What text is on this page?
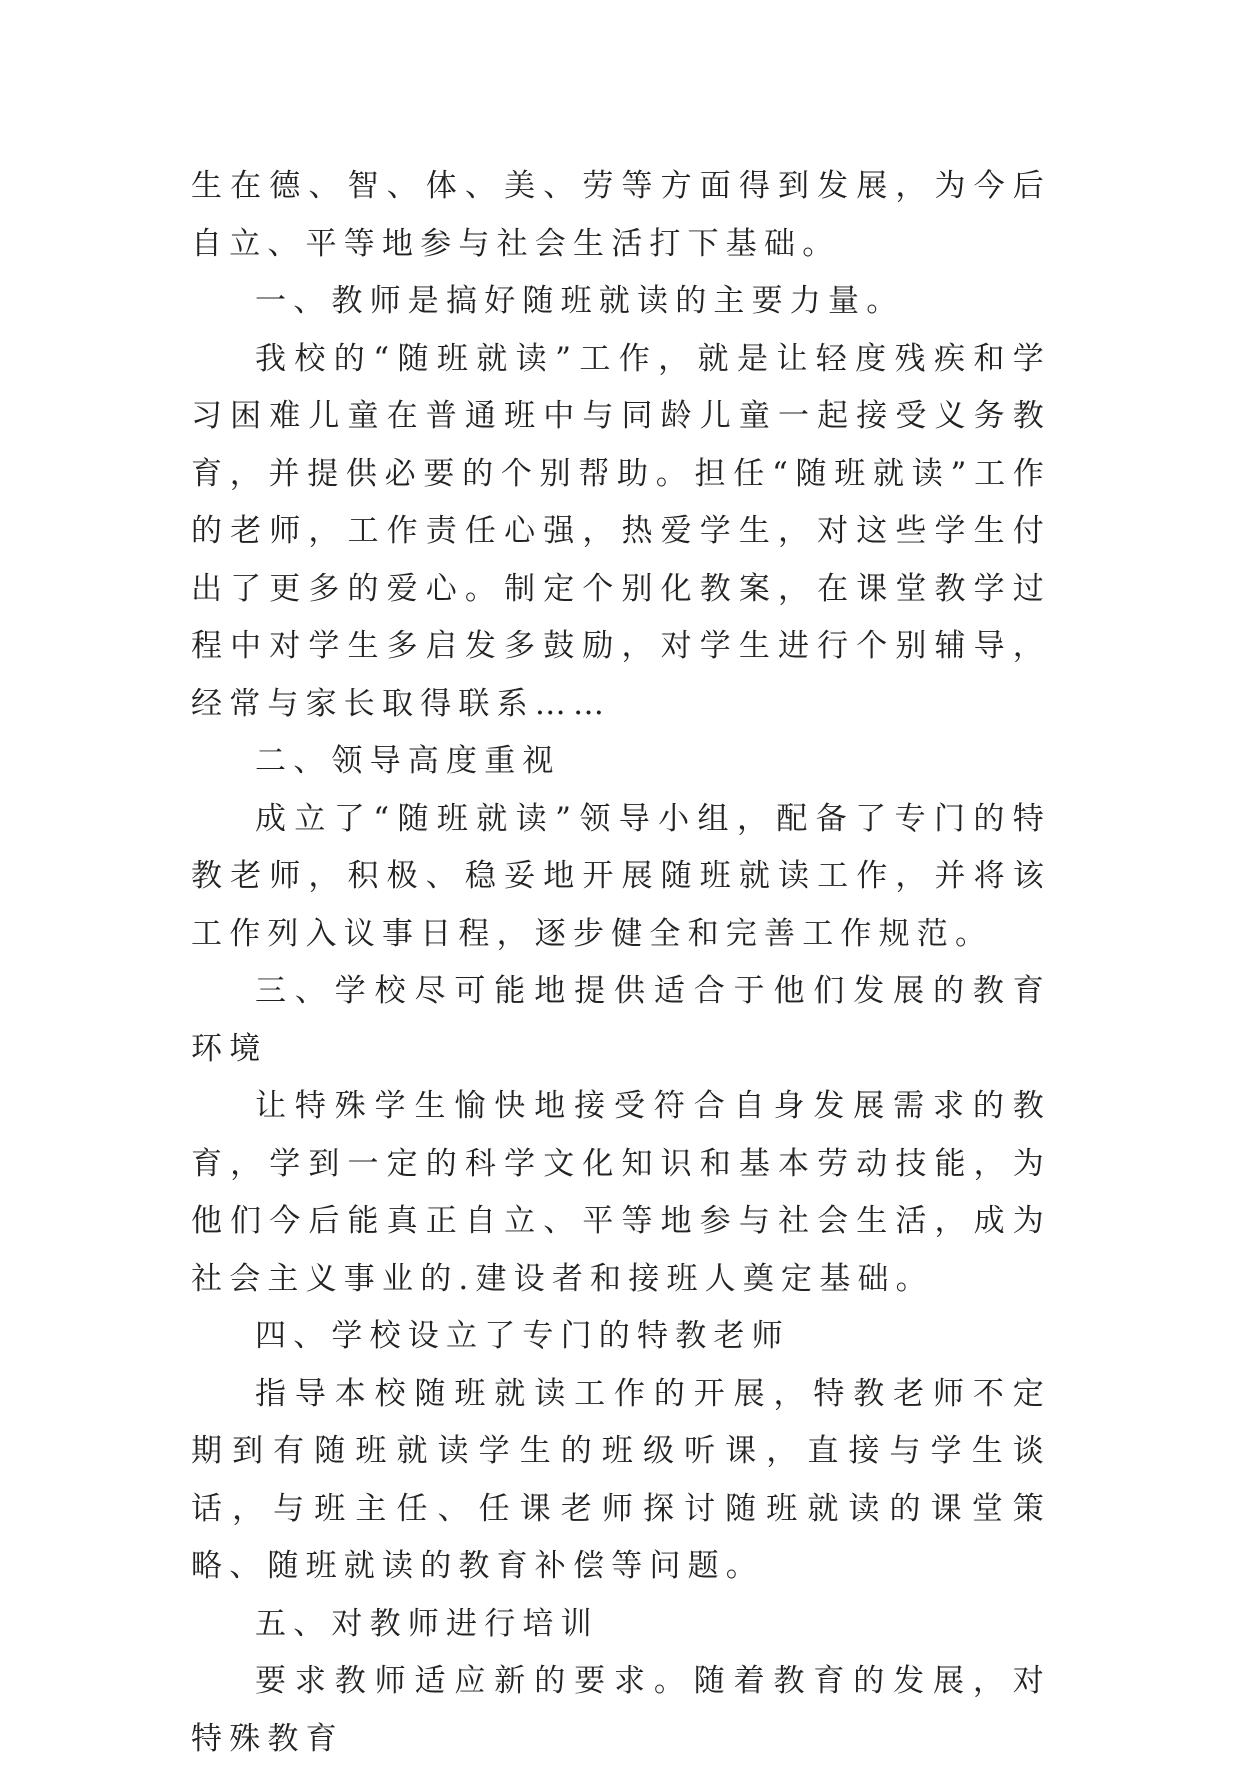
生在德、智、体、美、劳等方面得到发展，为今后自立、平等地参与社会生活打下基础。

一、教师是搞好随班就读的主要力量。

我校的“随班就读”工作，就是让轻度残疾和学习困难儿童在普通班中与同龄儿童一起接受义务教育，并提供必要的个别帮助。担任“随班就读”工作的老师，工作责任心强，热爱学生，对这些学生付出了更多的爱心。制定个别化教案，在课堂教学过程中对学生多启发多鼓励，对学生进行个别辅导，经常与家长取得联系……

二、领导高度重视

成立了“随班就读”领导小组，配备了专门的特教老师，积极、稳妥地开展随班就读工作，并将该工作列入议事日程，逐步健全和完善工作规范。

三、学校尽可能地提供适合于他们发展的教育环境

让特殊学生愉快地接受符合自身发展需求的教育，学到一定的科学文化知识和基本劳动技能，为他们今后能真正自立、平等地参与社会生活，成为社会主义事业的.建设者和接班人奠定基础。

四、学校设立了专门的特教老师

指导本校随班就读工作的开展，特教老师不定期到有随班就读学生的班级听课，直接与学生谈话，与班主任、任课老师探讨随班就读的课堂策略、随班就读的教育补偿等问题。

五、对教师进行培训

要求教师适应新的要求。随着教育的发展，对特殊教育
